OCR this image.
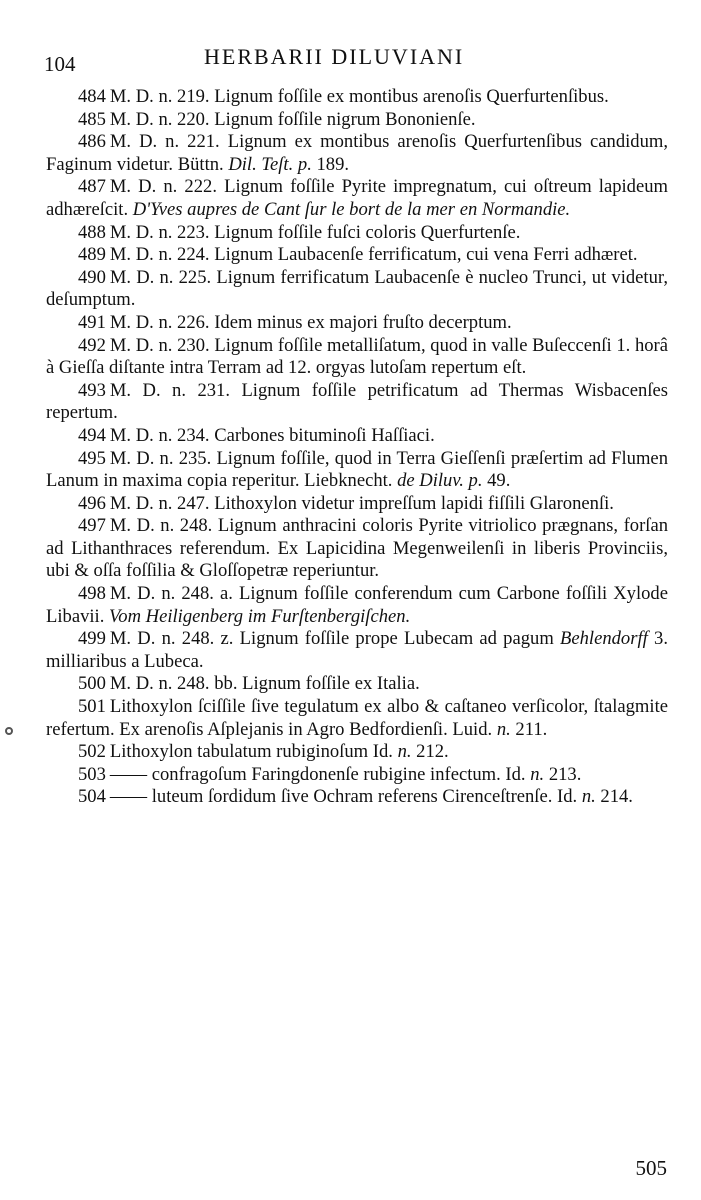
104	HERBARII DILUVIANI

484 M. D. n. 219. Lignum foſſile ex montibus arenoſis Querfurtenſibus.

485 M. D. n. 220. Lignum foſſile nigrum Bononienſe.

486 M. D. n. 221. Lignum ex montibus arenoſis Querfurtenſibus candidum, Faginum videtur. Büttn. Dil. Teſt. p. 189.

487 M. D. n. 222. Lignum foſſile Pyrite impregnatum, cui oſtreum lapideum adhæreſcit. D'Yves aupres de Cant ſur le bort de la mer en Normandie.

488 M. D. n. 223. Lignum foſſile fuſci coloris Querfurtenſe.

489 M. D. n. 224. Lignum Laubacenſe ferrificatum, cui vena Ferri adhæret.

490 M. D. n. 225. Lignum ferrificatum Laubacenſe è nucleo Trunci, ut videtur, deſumptum.

491 M. D. n. 226. Idem minus ex majori fruſto decerptum.

492 M. D. n. 230. Lignum foſſile metalliſatum, quod in valle Buſeccenſi 1. horâ à Gieſſa diſtante intra Terram ad 12. orgyas lutoſam repertum eſt.

493 M. D. n. 231. Lignum foſſile petrificatum ad Thermas Wisbacenſes repertum.

494 M. D. n. 234. Carbones bituminoſi Haſſiaci.

495 M. D. n. 235. Lignum foſſile, quod in Terra Gieſſenſi præſertim ad Flumen Lanum in maxima copia reperitur. Liebknecht. de Diluv. p. 49.

496 M. D. n. 247. Lithoxylon videtur impreſſum lapidi fiſſili Glaronenſi.

497 M. D. n. 248. Lignum anthracini coloris Pyrite vitriolico prægnans, forſan ad Lithanthraces referendum. Ex Lapicidina Megenweilenſi in liberis Provinciis, ubi & oſſa foſſilia & Gloſſopetræ reperiuntur.

498 M. D. n. 248. a. Lignum foſſile conferendum cum Carbone foſſili Xylode Libavii. Vom Heiligenberg im Furſtenbergiſchen.

499 M. D. n. 248. z. Lignum foſſile prope Lubecam ad pagum Behlendorff 3. milliaribus a Lubeca.

500 M. D. n. 248. bb. Lignum foſſile ex Italia.

501 Lithoxylon ſciſſile ſive tegulatum ex albo & caſtaneo verſicolor, ſtalagmite refertum. Ex arenoſis Aſplejanis in Agro Bedfordienſi. Luid. n. 211.

502 Lithoxylon tabulatum rubiginoſum Id. n. 212.

503 —— confragoſum Faringdonenſe rubigine infectum. Id. n. 213.

504 —— luteum ſordidum ſive Ochram referens Cirenceſtrenſe. Id. n. 214.

505
